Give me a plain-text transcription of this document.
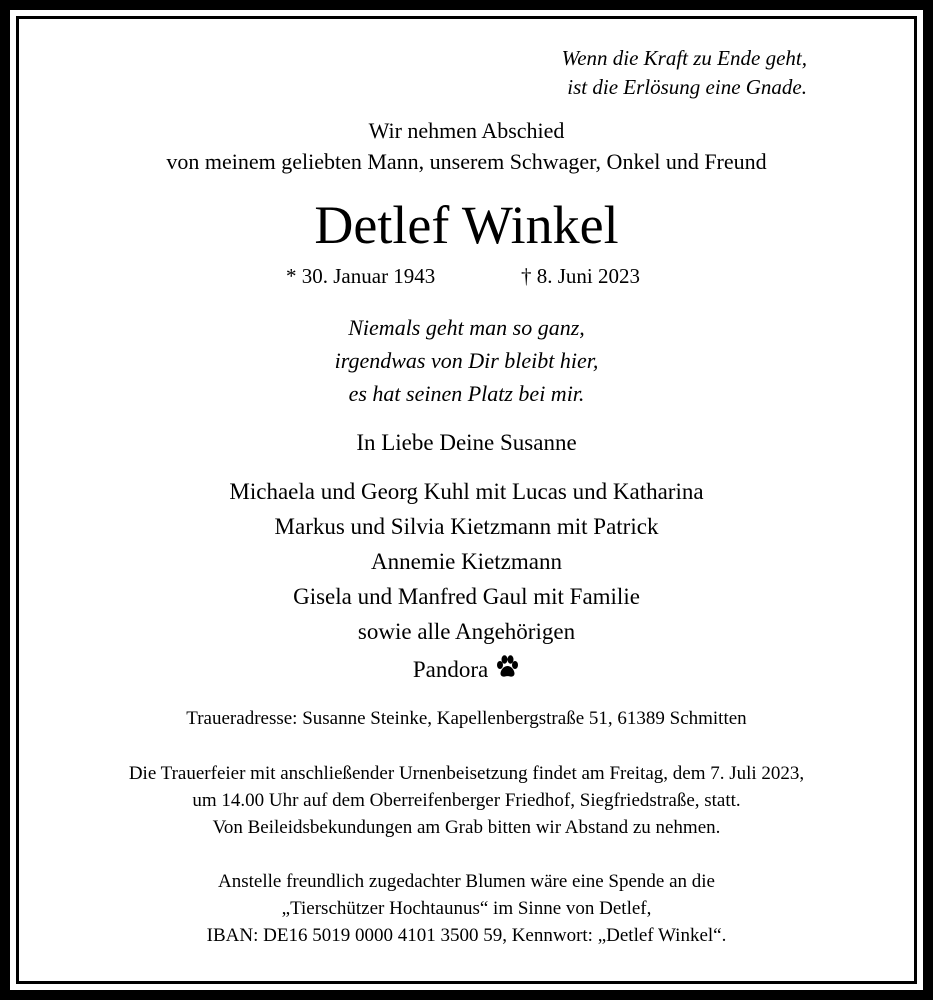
Wenn die Kraft zu Ende geht,
ist die Erlösung eine Gnade.
Wir nehmen Abschied
von meinem geliebten Mann, unserem Schwager, Onkel und Freund
Detlef Winkel
* 30. Januar 1943	† 8. Juni 2023
Niemals geht man so ganz,
irgendwas von Dir bleibt hier,
es hat seinen Platz bei mir.
In Liebe Deine Susanne
Michaela und Georg Kuhl mit Lucas und Katharina
Markus und Silvia Kietzmann mit Patrick
Annemie Kietzmann
Gisela und Manfred Gaul mit Familie
sowie alle Angehörigen
Pandora
Traueradresse: Susanne Steinke, Kapellenbergstraße 51, 61389 Schmitten
Die Trauerfeier mit anschließender Urnenbeisetzung findet am Freitag, dem 7. Juli 2023,
um 14.00 Uhr auf dem Oberreifenberger Friedhof, Siegfriedstraße, statt.
Von Beileidsbekundungen am Grab bitten wir Abstand zu nehmen.
Anstelle freundlich zugedachter Blumen wäre eine Spende an die
„Tierschützer Hochtaunus“ im Sinne von Detlef,
IBAN: DE16 5019 0000 4101 3500 59, Kennwort: „Detlef Winkel“.
